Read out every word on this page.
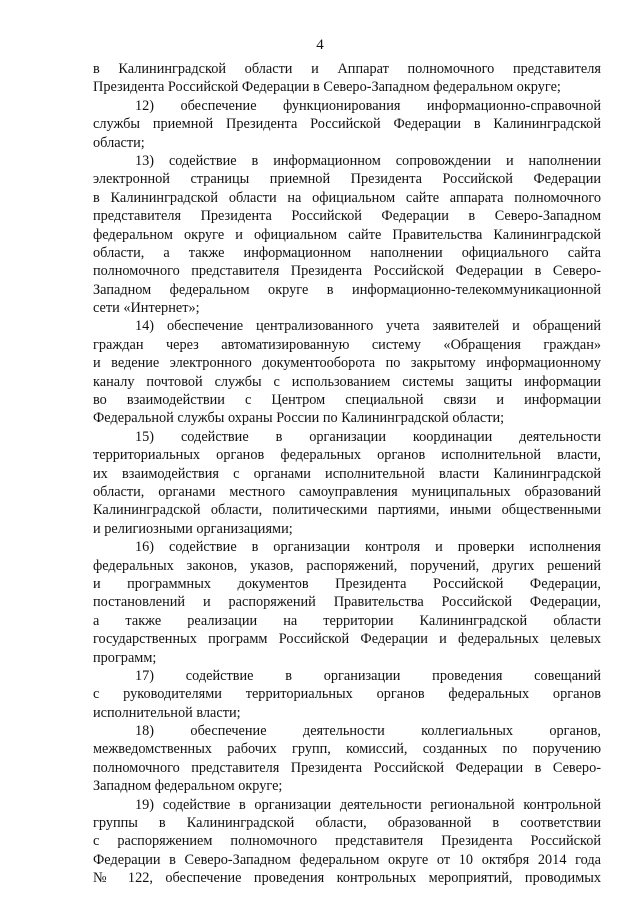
4
в Калининградской области и Аппарат полномочного представителя
Президента Российской Федерации в Северо-Западном федеральном округе;
12) обеспечение функционирования информационно-справочной
службы приемной Президента Российской Федерации в Калининградской
области;
13) содействие в информационном сопровождении и наполнении
электронной страницы приемной Президента Российской Федерации
в Калининградской области на официальном сайте аппарата полномочного
представителя Президента Российской Федерации в Северо-Западном
федеральном округе и официальном сайте Правительства Калининградской
области, а также информационном наполнении официального сайта
полномочного представителя Президента Российской Федерации в Северо-
Западном федеральном округе в информационно-телекоммуникационной
сети «Интернет»;
14) обеспечение централизованного учета заявителей и обращений
граждан через автоматизированную систему «Обращения граждан»
и ведение электронного документооборота по закрытому информационному
каналу почтовой службы с использованием системы защиты информации
во взаимодействии с Центром специальной связи и информации
Федеральной службы охраны России по Калининградской области;
15) содействие в организации координации деятельности
территориальных органов федеральных органов исполнительной власти,
их взаимодействия с органами исполнительной власти Калининградской
области, органами местного самоуправления муниципальных образований
Калининградской области, политическими партиями, иными общественными
и религиозными организациями;
16) содействие в организации контроля и проверки исполнения
федеральных законов, указов, распоряжений, поручений, других решений
и программных документов Президента Российской Федерации,
постановлений и распоряжений Правительства Российской Федерации,
а также реализации на территории Калининградской области
государственных программ Российской Федерации и федеральных целевых
программ;
17) содействие в организации проведения совещаний
с руководителями территориальных органов федеральных органов
исполнительной власти;
18) обеспечение деятельности коллегиальных органов,
межведомственных рабочих групп, комиссий, созданных по поручению
полномочного представителя Президента Российской Федерации в Северо-
Западном федеральном округе;
19) содействие в организации деятельности региональной контрольной
группы в Калининградской области, образованной в соответствии
с распоряжением полномочного представителя Президента Российской
Федерации в Северо-Западном федеральном округе от 10 октября 2014 года
№ 122, обеспечение проведения контрольных мероприятий, проводимых
